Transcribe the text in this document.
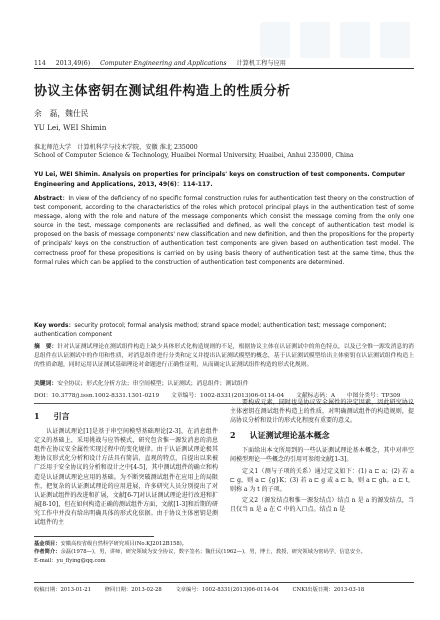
114 2013,49(6) Computer Engineering and Applications 计算机工程与应用
协议主体密钥在测试组件构造上的性质分析
余　磊，魏仕民
YU Lei, WEI Shimin
淮北师范大学　计算机科学与技术学院，安徽 淮北 235000
School of Computer Science & Technology, Huaibei Normal University, Huaibei, Anhui 235000, China
YU Lei, WEI Shimin. Analysis on properties for principals' keys on construction of test components. Computer Engineering and Applications, 2013, 49(6)：114-117.
Abstract：In view of the deficiency of no specific formal construction rules for authentication test theory on the construction of test component, according to the characteristics of the roles which protocol principal plays in the authentication test of some message, along with the role and nature of the message components which consist the message coming from the only one source in the test, message components are reclassified and defined, as well the concept of authentication test model is proposed on the basis of message components' new classification and new definition, and then the propositions for the property of principals' keys on the construction of authentication test components are given based on authentication test model. The correctness proof for these propositions is carried on by using basis theory of authentication test at the same time, thus the formal rules which can be applied to the construction of authentication test components are determined.
Key words：security protocol; formal analysis method; strand space model; authentication test; message component; authentication component
摘　要：针对认证测试理论在测试组件构造上缺少具体形式化构造规则的不足，根据协议主体在认证测试中的角色特点，以及已全惟一源发消息的消息组件在认证测试中的作用和性质，对消息组件进行分类和定义并提出认证测试模型的概念，基于认证测试模型给出主体密钥在认证测试组件构造上的性质命题，同时运用认证测试基础理论对命题进行正确性证明，从而确定认证测试组件构造的形式化规则。
关键词：安全协议；形式化分析方法；串空间模型；认证测试；消息组件；测试组件
DOI：10.3778/j.issn.1002-8331.1301-0219 文章编号：1002-8331(2013)06-0114-04 文献标志码：A 中图分类号：TP309
1 引言
认证测试理论[1]是基于串空间模型基础理论[2-3]，在消息组件定义的基础上，采用挑战与应答模式，研究包含惟一源发消息的消息组件在协议安全属性实现过程中的变化规律。由于认证测试理论极其地协议形式化分析和设计方法具有简洁、直观的特点，自提出以来被广泛用于安全协议的分析和设计之中[4-5]，其中测试组件的确立和构造是认证测试理论应用的基础。为不断突破测试组件在应用上的局限性，把复杂的认证测试理论的应用进展，许多研究人员分别提出了对认证测试组件的改进和扩展，文献[6-7]对认证测试理论进行改进和扩展[8-10]，但在如何构造正确的测试组件方面，文献[1-3]和后期的研究工作中并没有给出明确具体的形式化依据。由于协议主体密钥是测试组件的主
要构成元素，同时也是协议安全属性的决定因素，因此研究协议主体密钥在测试组件构造上的性质，对明确测试组件的构造规则，提高协议分析和设计的形式化程度有重要的意义。
2 认证测试理论基本概念
下面给出本文所用到的一些认证测试理论基本概念，其中对串空间模型理论一些概念的引用可参阅文献[1-3]。
定义1（测与子项的关系）通过定义如下：(1) a ⊏ a；(2) 若 a ⊏ g，则 a ⊏ {g}K；(3) 若 a ⊏ g 或 a ⊏ h，则 a ⊏ gh。a ⊏ t，则称 a 为 t 的子项。
定义2（源发结点和惟一源发结点）结点 n 是 a 的源发结点，当且仅当 n 是 a 在 C 中的入口点。结点 n 是
基金项目：安徽高校省级自然科学研究项目(No.KJ2012B158)。
作者简介：余磊(1978—)，男，讲师，研究领域为安全协议，数字签名；魏仕民(1962—)，男，博士，教授，研究领域为密码学，信息安全。
E-mail：yu_flying@qq.com
收稿日期：2013-01-21	修回日期：2013-02-28	文章编号：1002-8331(2013)06-0114-04	CNKI出版日期：2013-03-18
